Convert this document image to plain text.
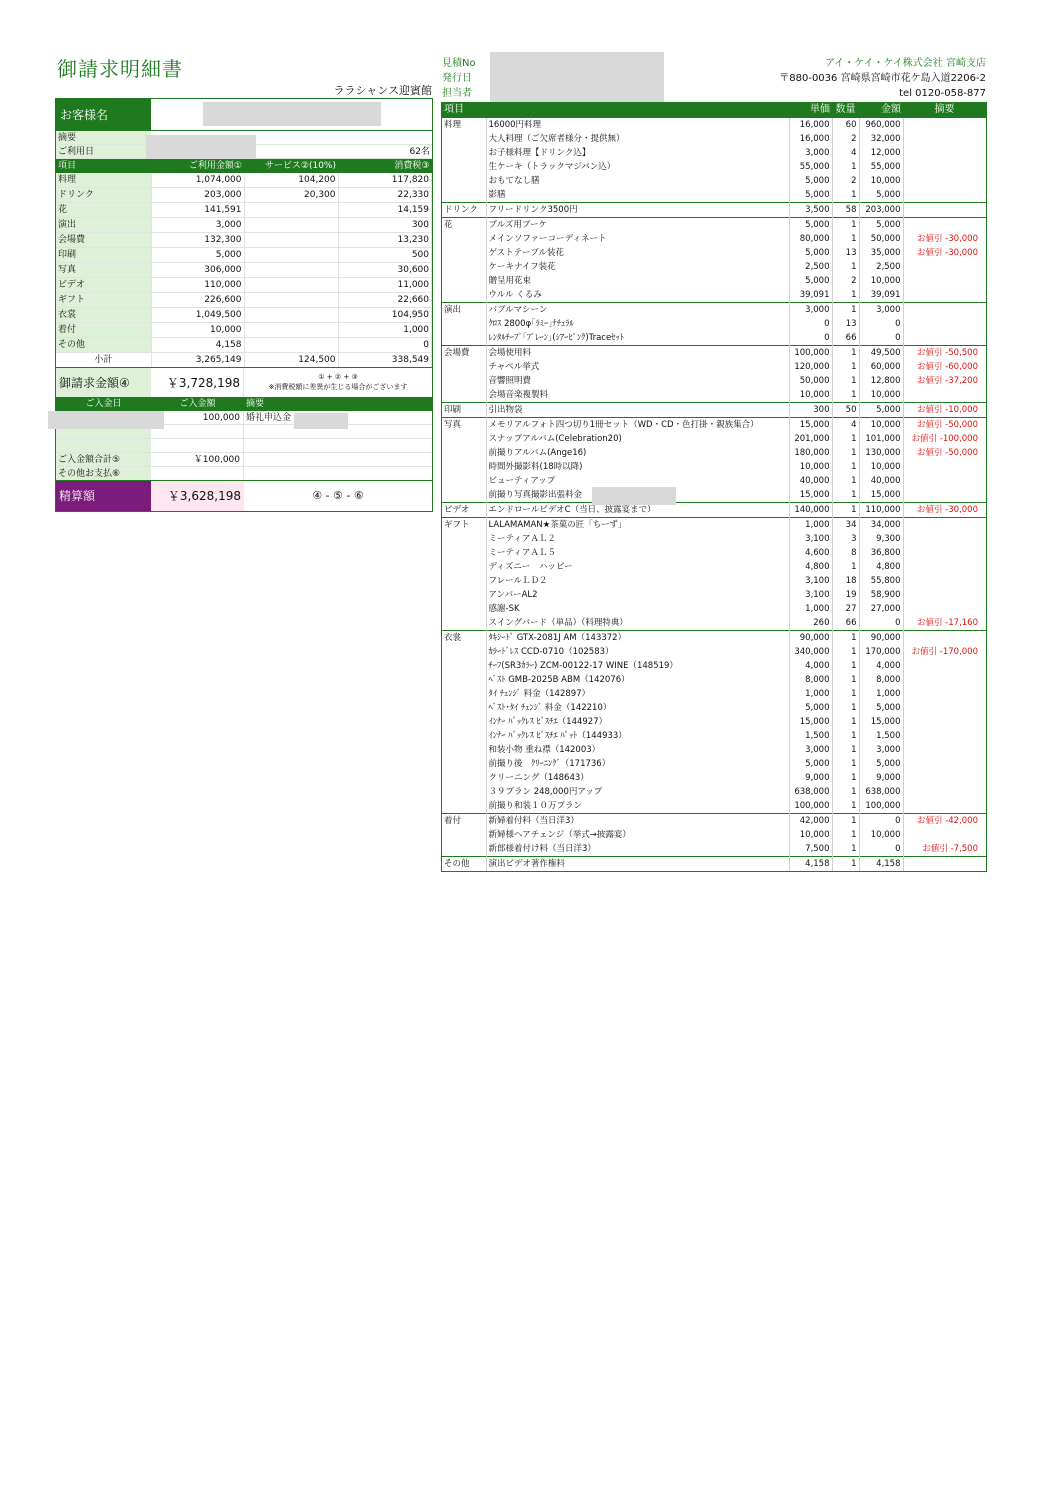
御請求明細書
ララシャンス迎賓館
見積No
発行日
担当者
アイ・ケイ・ケイ株式会社 宮崎支店
〒880-0036 宮崎県宮崎市花ケ島入道2206-2
tel 0120-058-877
お客様名
摘要
ご利用日	62名
項目	ご利用金額①	サービス②(10%)	消費税③
料理	1,074,000	104,200	117,820
ドリンク	203,000	20,300	22,330
花	141,591		14,159
演出	3,000		300
会場費	132,300		13,230
印刷	5,000		500
写真	306,000		30,600
ビデオ	110,000		11,000
ギフト	226,600		22,660
衣裳	1,049,500		104,950
着付	10,000		1,000
その他	4,158		0
小計	3,265,149	124,500	338,549
御請求金額④	￥3,728,198	① + ② + ③
※消費税額に差異が生じる場合がございます
ご入金日	ご入金額	摘要
100,000 婚礼申込金
ご入金額合計⑤	￥100,000
その他お支払⑥
精算額	￥3,628,198	④ - ⑤ - ⑥
項目		単価	数量	金額	摘要
料理	16000円料理	16,000	60	960,000	
	大人料理（ご欠席者様分・提供無）	16,000	2	32,000	
	お子様料理【ドリンク込】	3,000	4	12,000	
	生ケーキ（トラックマジパン込）	55,000	1	55,000	
	おもてなし膳	5,000	2	10,000	
	影膳	5,000	1	5,000	
ドリンク	フリードリンク3500円	3,500	58	203,000	
花	ブルズ用ブーケ	5,000	1	5,000	
	メインソファーコーディネート	80,000	1	50,000	お値引 -30,000
	ゲストテーブル装花	5,000	13	35,000	お値引 -30,000
	ケーキナイフ装花	2,500	1	2,500	
	贈呈用花束	5,000	2	10,000	
	ウルル くるみ	39,091	1	39,091	
演出	バブルマシーン	3,000	1	3,000	
	ｸﾛｽ 2800φ｢ﾗﾐｰ｣ﾅﾁｭﾗﾙ	0	13	0	
	ﾚﾝﾀﾙﾁｰﾌﾟ｢ﾌﾟﾚｰﾝ｣(ｼｱｰﾋﾟﾝｸ)Traceｾｯﾄ	0	66	0	
会場費	会場使用料	100,000	1	49,500	お値引 -50,500
	チャペル挙式	120,000	1	60,000	お値引 -60,000
	音響照明費	50,000	1	12,800	お値引 -37,200
	会場音楽複製料	10,000	1	10,000	
印刷	引出物袋	300	50	5,000	お値引 -10,000
写真	メモリアルフォト四つ切り1冊セット（WD・CD・色打掛・親族集合）	15,000	4	10,000	お値引 -50,000
	スナップアルバム(Celebration20)	201,000	1	101,000	お値引 -100,000
	前撮りアルバム(Ange16)	180,000	1	130,000	お値引 -50,000
	時間外撮影料(18時以降)	10,000	1	10,000	
	ビューティアップ	40,000	1	40,000	
	前撮り写真撮影出張料金	15,000	1	15,000	
ビデオ	エンドロールビデオC（当日、披露宴まで）	140,000	1	110,000	お値引 -30,000
ギフト	LALAMAMAN★茶菓の匠「ちーず」	1,000	34	34,000	
	ミーティアＡＬ２	3,100	3	9,300	
	ミーティアＡＬ５	4,600	8	36,800	
	ディズニー　ハッピー	4,800	1	4,800	
	フレールＬＤ２	3,100	18	55,800	
	アンバーAL2	3,100	19	58,900	
	感謝-SK	1,000	27	27,000	
	スイングバード（単品）（料理特典）	260	66	0	お値引 -17,160
衣裳	ﾀｷｼｰﾄﾞ GTX-2081J AM（143372）	90,000	1	90,000	
	ｶﾗｰﾄﾞﾚｽ CCD-0710（102583）	340,000	1	170,000	お値引 -170,000
	ﾁｰﾌ(SR3ｶﾗｰ) ZCM-00122-17 WINE（148519）	4,000	1	4,000	
	ﾍﾞｽﾄ GMB-2025B ABM（142076）	8,000	1	8,000	
	ﾀｲ ﾁｪﾝｼﾞ 料金（142897）	1,000	1	1,000	
	ﾍﾞｽﾄ･ﾀｲ ﾁｪﾝｼﾞ 料金（142210）	5,000	1	5,000	
	ｲﾝﾅｰ ﾊﾞｯｸﾚｽ ﾋﾞｽﾁｴ（144927）	15,000	1	15,000	
	ｲﾝﾅｰ ﾊﾞｯｸﾚｽ ﾋﾞｽﾁｴ ﾊﾟｯﾄ（144933）	1,500	1	1,500	
	和装小物 重ね襟（142003）	3,000	1	3,000	
	前撮り後　ｸﾘｰﾆﾝｸﾞ（171736）	5,000	1	5,000	
	クリーニング（148643）	9,000	1	9,000	
	３９プラン 248,000円アップ	638,000	1	638,000	
	前撮り和装１０万プラン	100,000	1	100,000	
着付	新婦着付料（当日洋3）	42,000	1	0	お値引 -42,000
	新婦様ヘアチェンジ（挙式→披露宴）	10,000	1	10,000	
	新郎様着付け料（当日洋3）	7,500	1	0	お値引 -7,500
その他	演出ビデオ著作権料	4,158	1	4,158	
